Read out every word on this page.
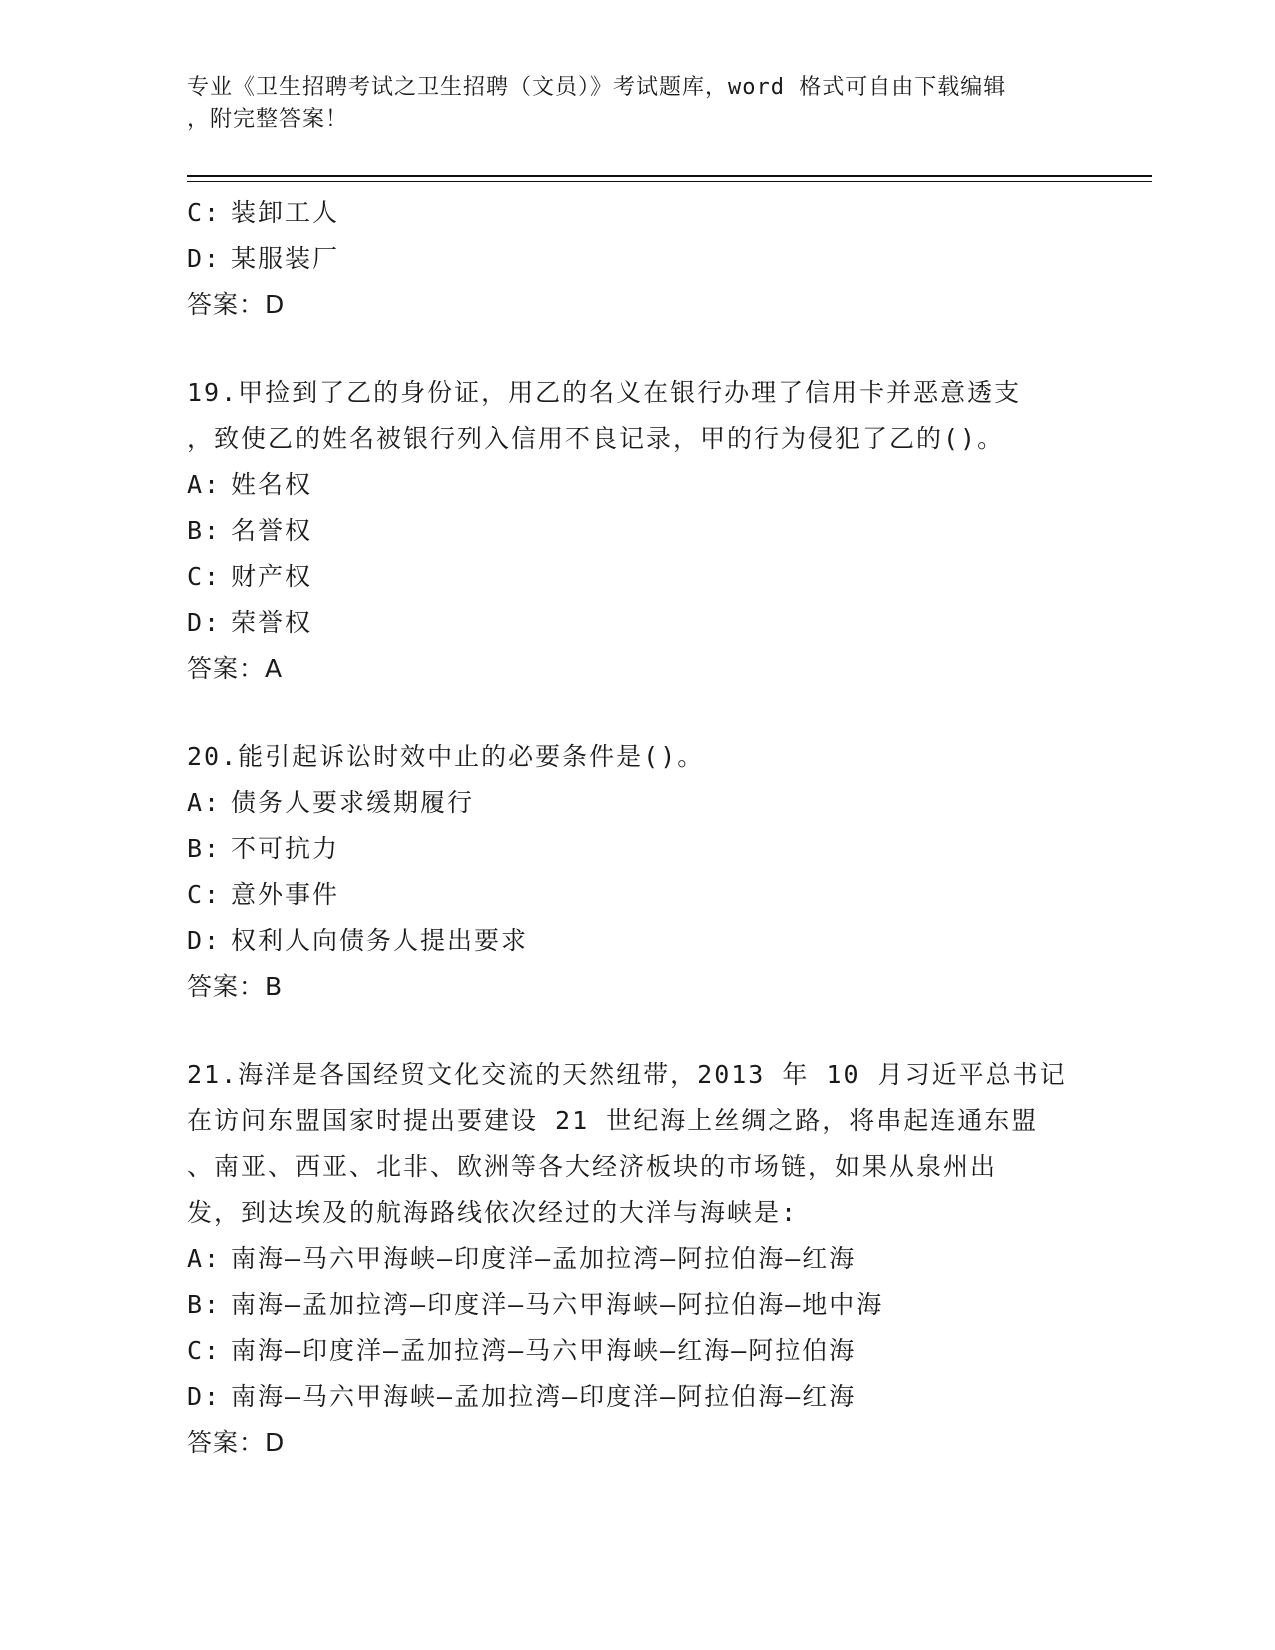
专业《卫生招聘考试之卫生招聘（文员）》考试题库，word 格式可自由下载编辑

，附完整答案！

C: 装卸工人
D: 某服装厂
答案：D
19.甲捡到了乙的身份证，用乙的名义在银行办理了信用卡并恶意透支
，致使乙的姓名被银行列入信用不良记录，甲的行为侵犯了乙的()。
A: 姓名权
B: 名誉权
C: 财产权
D: 荣誉权
答案：A
20.能引起诉讼时效中止的必要条件是()。
A: 债务人要求缓期履行
B: 不可抗力
C: 意外事件
D: 权利人向债务人提出要求
答案：B
21.海洋是各国经贸文化交流的天然纽带，2013 年 10 月习近平总书记
在访问东盟国家时提出要建设 21 世纪海上丝绸之路，将串起连通东盟
、南亚、西亚、北非、欧洲等各大经济板块的市场链，如果从泉州出
发，到达埃及的航海路线依次经过的大洋与海峡是:
A: 南海—马六甲海峡—印度洋—孟加拉湾—阿拉伯海—红海
B: 南海—孟加拉湾—印度洋—马六甲海峡—阿拉伯海—地中海
C: 南海—印度洋—孟加拉湾—马六甲海峡—红海—阿拉伯海
D: 南海—马六甲海峡—孟加拉湾—印度洋—阿拉伯海—红海
答案：D
